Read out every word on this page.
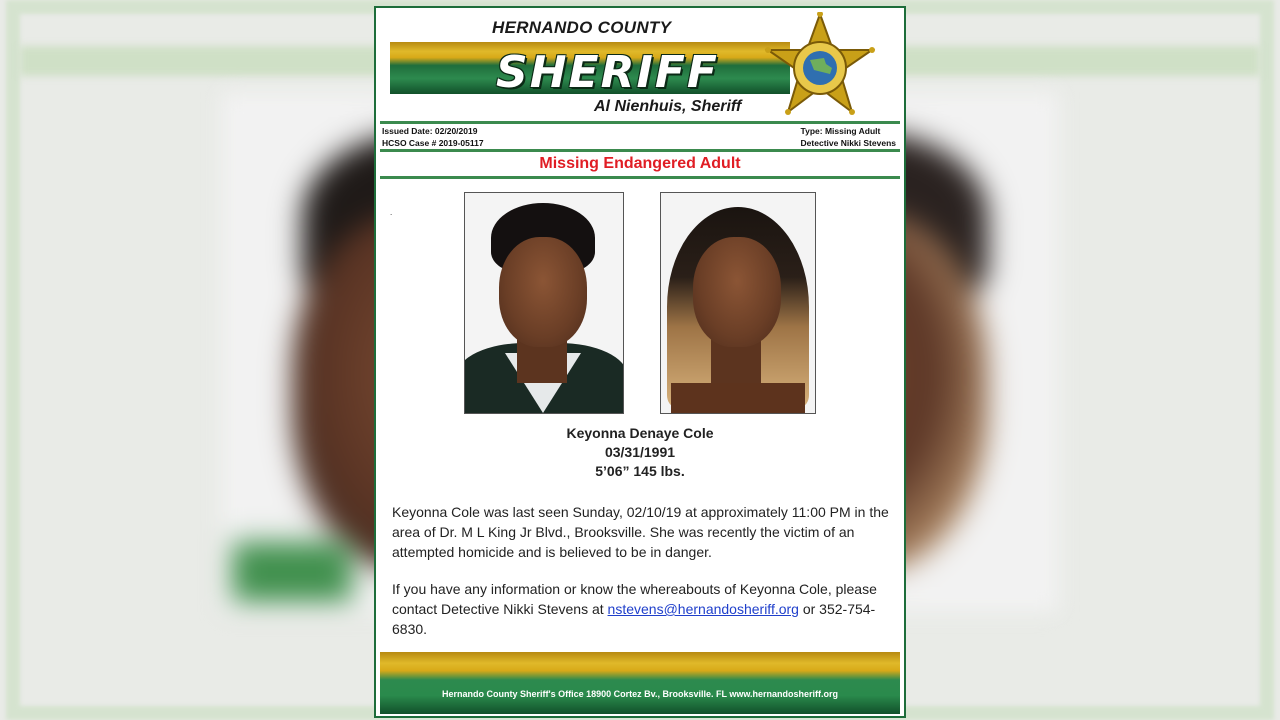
HERNANDO COUNTY
SHERIFF
Al Nienhuis, Sheriff
Issued Date: 02/20/2019
HCSO Case # 2019-05117
Type: Missing Adult
Detective Nikki Stevens
Missing Endangered Adult
.
Keyonna Denaye Cole
03/31/1991
5’06” 145 lbs.
Keyonna Cole was last seen Sunday, 02/10/19 at approximately 11:00 PM in the area of Dr. M L King Jr Blvd., Brooksville. She was recently the victim of an attempted homicide and is believed to be in danger.
If you have any information or know the whereabouts of Keyonna Cole, please contact Detective Nikki Stevens at nstevens@hernandosheriff.org or 352-754-6830.
Hernando County Sheriff's Office 18900 Cortez Bv., Brooksville. FL www.hernandosheriff.org
